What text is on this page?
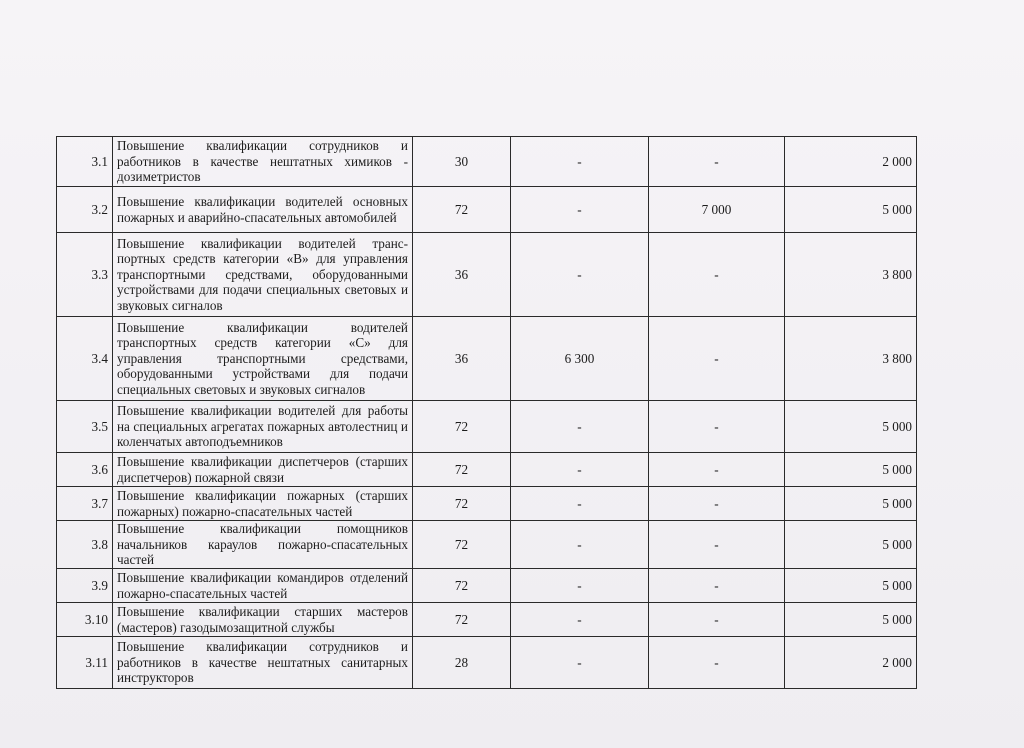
3.1	Повышение квалификации сотрудников и работников в качестве нештатных химиков - дозиметристов	30	-	-	2 000
3.2	Повышение квалификации водителей основных пожарных и аварийно-спасательных автомобилей	72	-	7 000	5 000
3.3	Повышение квалификации водителей транс-портных средств категории «В» для управления транспортными средствами, оборудованными устройствами для подачи специальных световых и звуковых сигналов	36	-	-	3 800
3.4	Повышение квалификации водителей транспортных средств категории «С» для управления транспортными средствами, оборудованными устройствами для подачи специальных световых и звуковых сигналов	36	6 300	-	3 800
3.5	Повышение квалификации водителей для работы на специальных агрегатах пожарных автолестниц и коленчатых автоподъемников	72	-	-	5 000
3.6	Повышение квалификации диспетчеров (старших диспетчеров) пожарной связи	72	-	-	5 000
3.7	Повышение квалификации пожарных (старших пожарных) пожарно-спасательных частей	72	-	-	5 000
3.8	Повышение квалификации помощников начальников караулов пожарно-спасательных частей	72	-	-	5 000
3.9	Повышение квалификации командиров отделений пожарно-спасательных частей	72	-	-	5 000
3.10	Повышение квалификации старших мастеров (мастеров) газодымозащитной службы	72	-	-	5 000
3.11	Повышение квалификации сотрудников и работников в качестве нештатных санитарных инструкторов	28	-	-	2 000
